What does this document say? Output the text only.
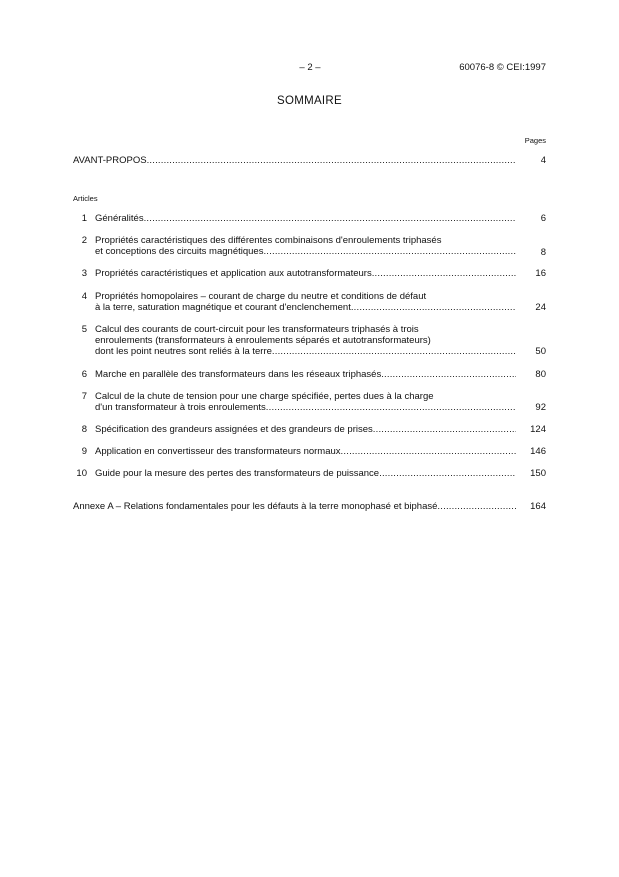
– 2 –	60076-8 © CEI:1997
SOMMAIRE
Pages
AVANT-PROPOS .....	4
Articles
1 Généralités .....	6
2 Propriétés caractéristiques des différentes combinaisons d'enroulements triphasés
et conceptions des circuits magnétiques .....	8
3 Propriétés caractéristiques et application aux autotransformateurs .....	16
4 Propriétés homopolaires – courant de charge du neutre et conditions de défaut
à la terre, saturation magnétique et courant d'enclenchement .....	24
5 Calcul des courants de court-circuit pour les transformateurs triphasés à trois
enroulements (transformateurs à enroulements séparés et autotransformateurs)
dont les point neutres sont reliés à la terre .....	50
6 Marche en parallèle des transformateurs dans les réseaux triphasés .....	80
7 Calcul de la chute de tension pour une charge spécifiée, pertes dues à la charge
d'un transformateur à trois enroulements .....	92
8 Spécification des grandeurs assignées et des grandeurs de prises .....	124
9 Application en convertisseur des transformateurs normaux .....	146
10 Guide pour la mesure des pertes des transformateurs de puissance .....	150
Annexe A – Relations fondamentales pour les défauts à la terre monophasé et biphasé .....	164
